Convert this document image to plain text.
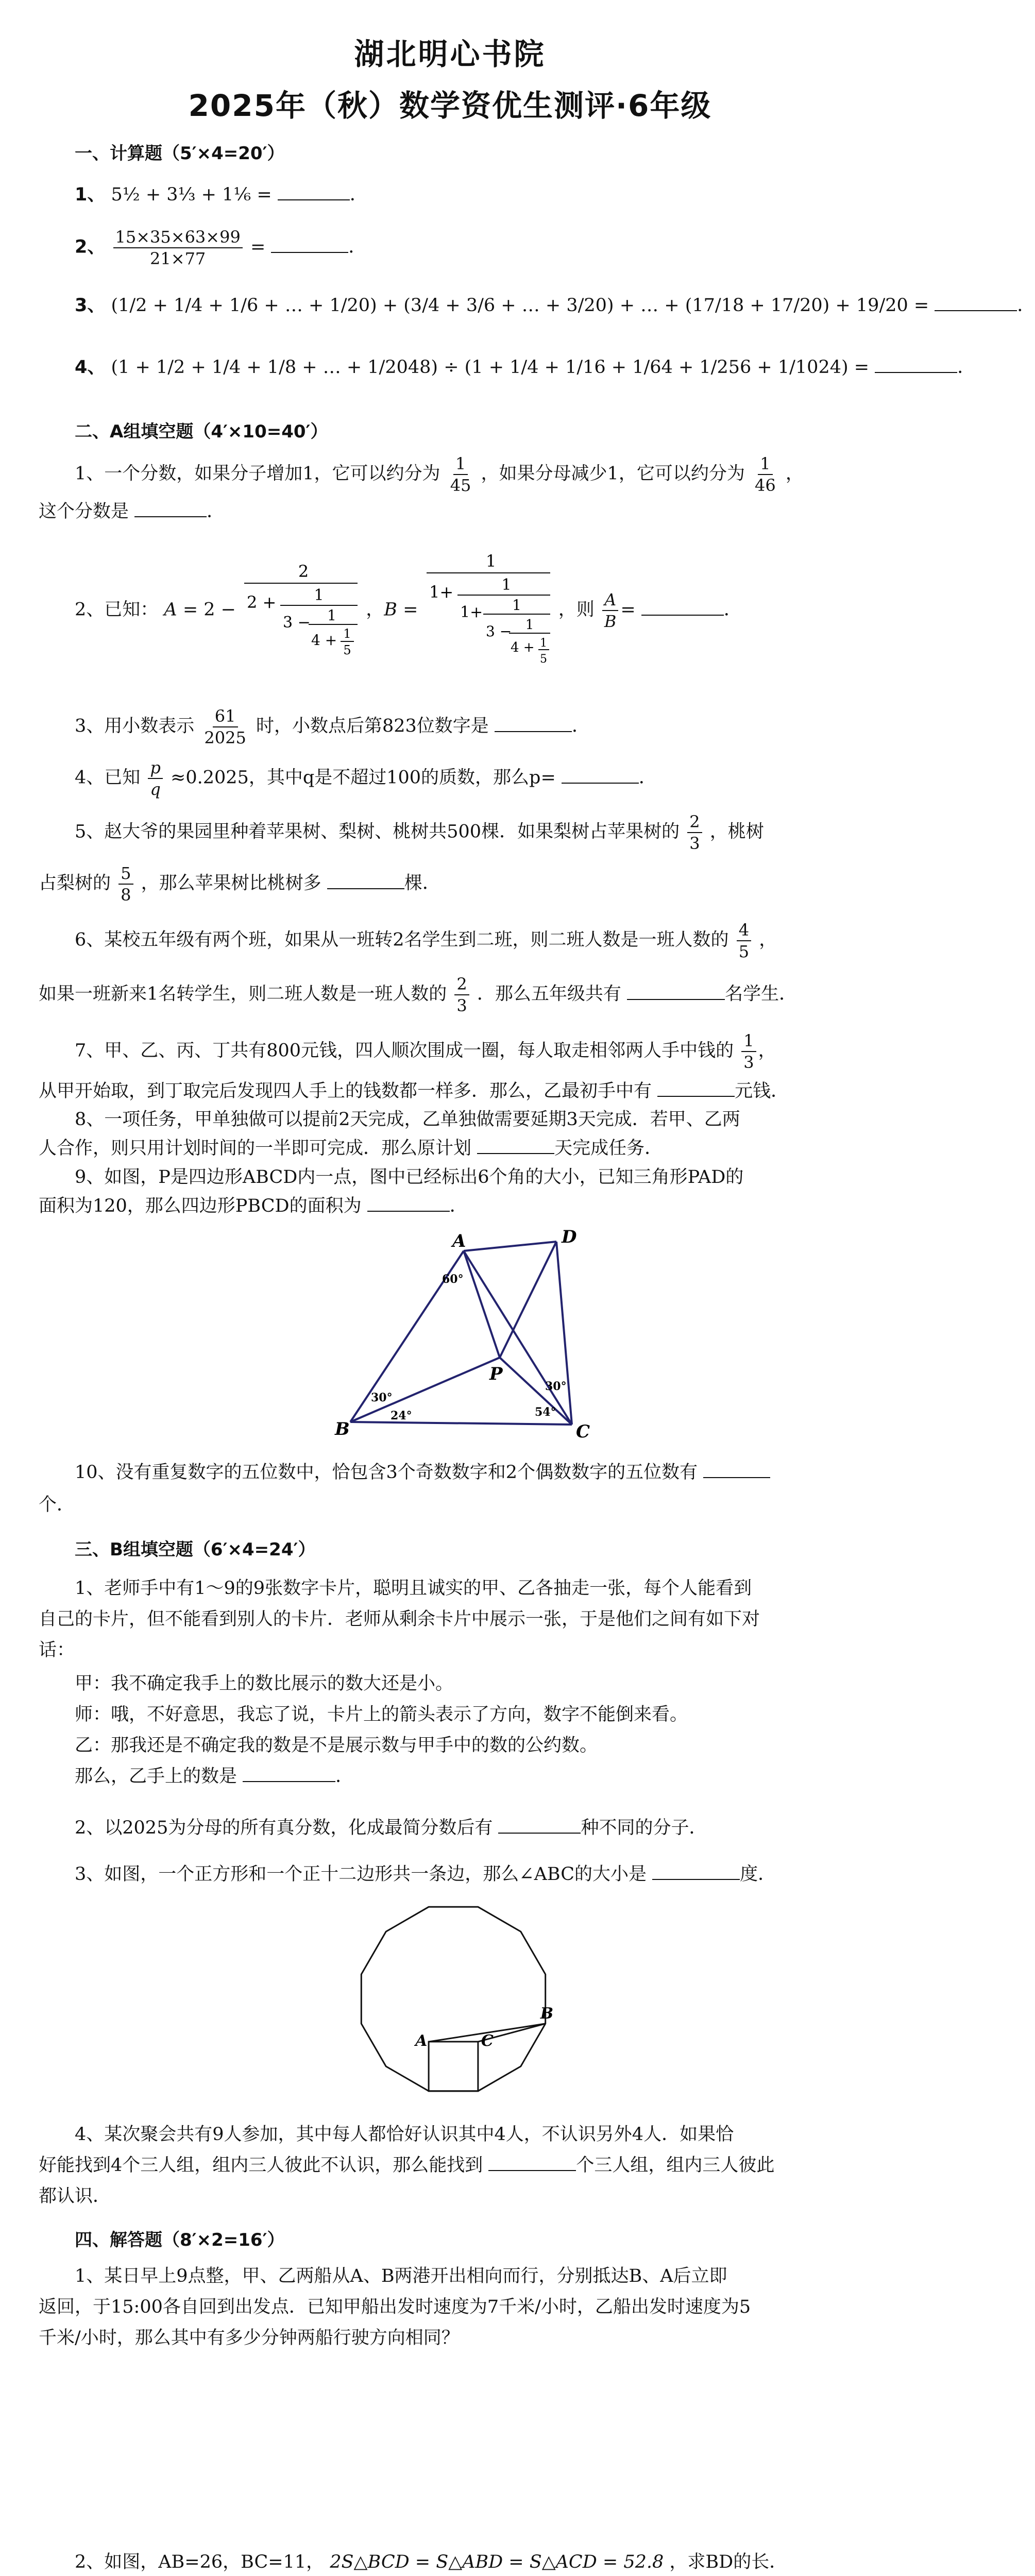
湖北明心书院
2025年（秋）数学资优生测评·6年级
一、计算题（5′×4=20′）
1、 5½ + 3⅓ + 1⅙ =	．
2、 $\frac{15\times 35\times 63\times 99}{21\times 77}$ =	．
3、 (1/2 + 1/4 + 1/6 + … + 1/20) + (3/4 + 3/6 + … + 3/20) + … + (17/18 + 17/20) + 19/20 =	．
4、 (1 + 1/2 + 1/4 + 1/8 + … + 1/2048) ÷ (1 + 1/4 + 1/16 + 1/64 + 1/256 + 1/1024) =	．
二、A组填空题（4′×10=40′）
1、一个分数，如果分子增加1，它可以约分为 $\frac{1}{45}$ ，如果分母减少1，它可以约分为 $\frac{1}{46}$ ，
这个分数是	．
2、已知： A = 2 −
2
2 + 1
3 − 1
4 + 1
5
，B =
1
1+	1
1+ 1
3 − 1
4 + 1
5
，则 $\frac{A}{B}$ =	．
3、用小数表示 $\frac{61}{2025}$ 时，小数点后第823位数字是	．
4、已知 $\frac{p}{q} \approx 0.2025$，其中q是不超过100的质数，那么p=	．
5、赵大爷的果园里种着苹果树、梨树、桃树共500棵．如果梨树占苹果树的 $\frac{2}{3}$ ，桃树
占梨树的 $\frac{5}{8}$ ，那么苹果树比桃树多	棵．
6、某校五年级有两个班，如果从一班转2名学生到二班，则二班人数是一班人数的 $\frac{4}{5}$ ，
如果一班新来1名转学生，则二班人数是一班人数的 $\frac{2}{3}$ ．那么五年级共有	名学生．
7、甲、乙、丙、丁共有800元钱，四人顺次围成一圈，每人取走相邻两人手中钱的 $\frac{1}{3}$ ，
从甲开始取，到丁取完后发现四人手上的钱数都一样多．那么，乙最初手中有	元钱．
8、一项任务，甲单独做可以提前2天完成，乙单独做需要延期3天完成．若甲、乙两
人合作，则只用计划时间的一半即可完成．那么原计划	天完成任务．
9、如图，P是四边形ABCD内一点，图中已经标出6个角的大小，已知三角形PAD的
面积为120，那么四边形PBCD的面积为	．
A	D
B	C
P
60°
30°
24°
30°
54°
10、没有重复数字的五位数中，恰包含3个奇数数字和2个偶数数字的五位数有
个．
三、B组填空题（6′×4=24′）
1、老师手中有1～9的9张数字卡片，聪明且诚实的甲、乙各抽走一张，每个人能看到
自己的卡片，但不能看到别人的卡片．老师从剩余卡片中展示一张，于是他们之间有如下对
话：
甲：我不确定我手上的数比展示的数大还是小。
师：哦，不好意思，我忘了说，卡片上的箭头表示了方向，数字不能倒来看。
乙：那我还是不确定我的数是不是展示数与甲手中的数的公约数。
那么，乙手上的数是	．
2、以2025为分母的所有真分数，化成最简分数后有	种不同的分子．
3、如图，一个正方形和一个正十二边形共一条边，那么∠ABC的大小是	度．
A
B
C
4、某次聚会共有9人参加，其中每人都恰好认识其中4人，不认识另外4人．如果恰
好能找到4个三人组，组内三人彼此不认识，那么能找到	个三人组，组内三人彼此
都认识．
四、解答题（8′×2=16′）
1、某日早上9点整，甲、乙两船从A、B两港开出相向而行，分别抵达B、A后立即
返回，于15:00各自回到出发点．已知甲船出发时速度为7千米/小时，乙船出发时速度为5
千米/小时，那么其中有多少分钟两船行驶方向相同？
2、如图，AB=26，BC=11， 2S△BCD = S△ABD = S△ACD = 52.8 ，求BD的长．
